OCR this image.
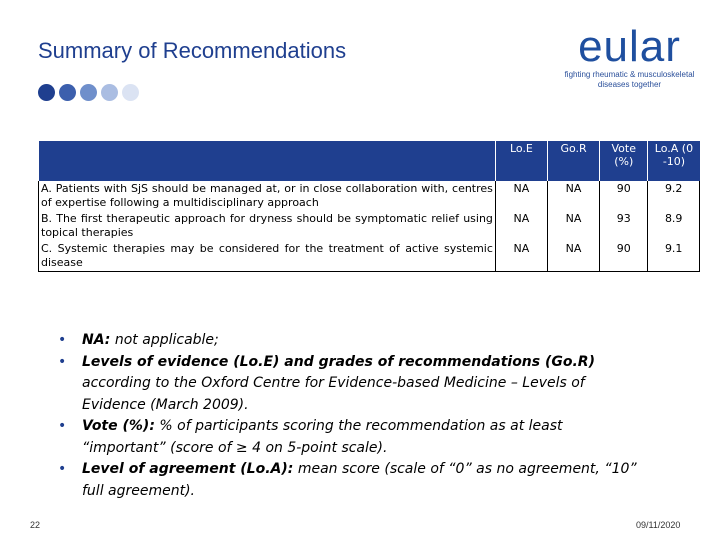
Summary of Recommendations	eular
fighting rheumatic & musculoskeletal
diseases together
	Lo.E	Go.R	Vote (%)	Lo.A (0 -10)
A. Patients with SjS should be managed at, or in close collaboration with, centres of expertise following a multidisciplinary approach	NA	NA	90	9.2
B. The first therapeutic approach for dryness should be symptomatic relief using topical therapies	NA	NA	93	8.9
C. Systemic therapies may be considered for the treatment of active systemic disease	NA	NA	90	9.1
• NA: not applicable;
• Levels of evidence (Lo.E) and grades of recommendations (Go.R) according to the Oxford Centre for Evidence-based Medicine – Levels of Evidence (March 2009).
• Vote (%): % of participants scoring the recommendation as at least “important” (score of ≥ 4 on 5-point scale).
• Level of agreement (Lo.A): mean score (scale of “0” as no agreement, “10” full agreement).
22	09/11/2020
